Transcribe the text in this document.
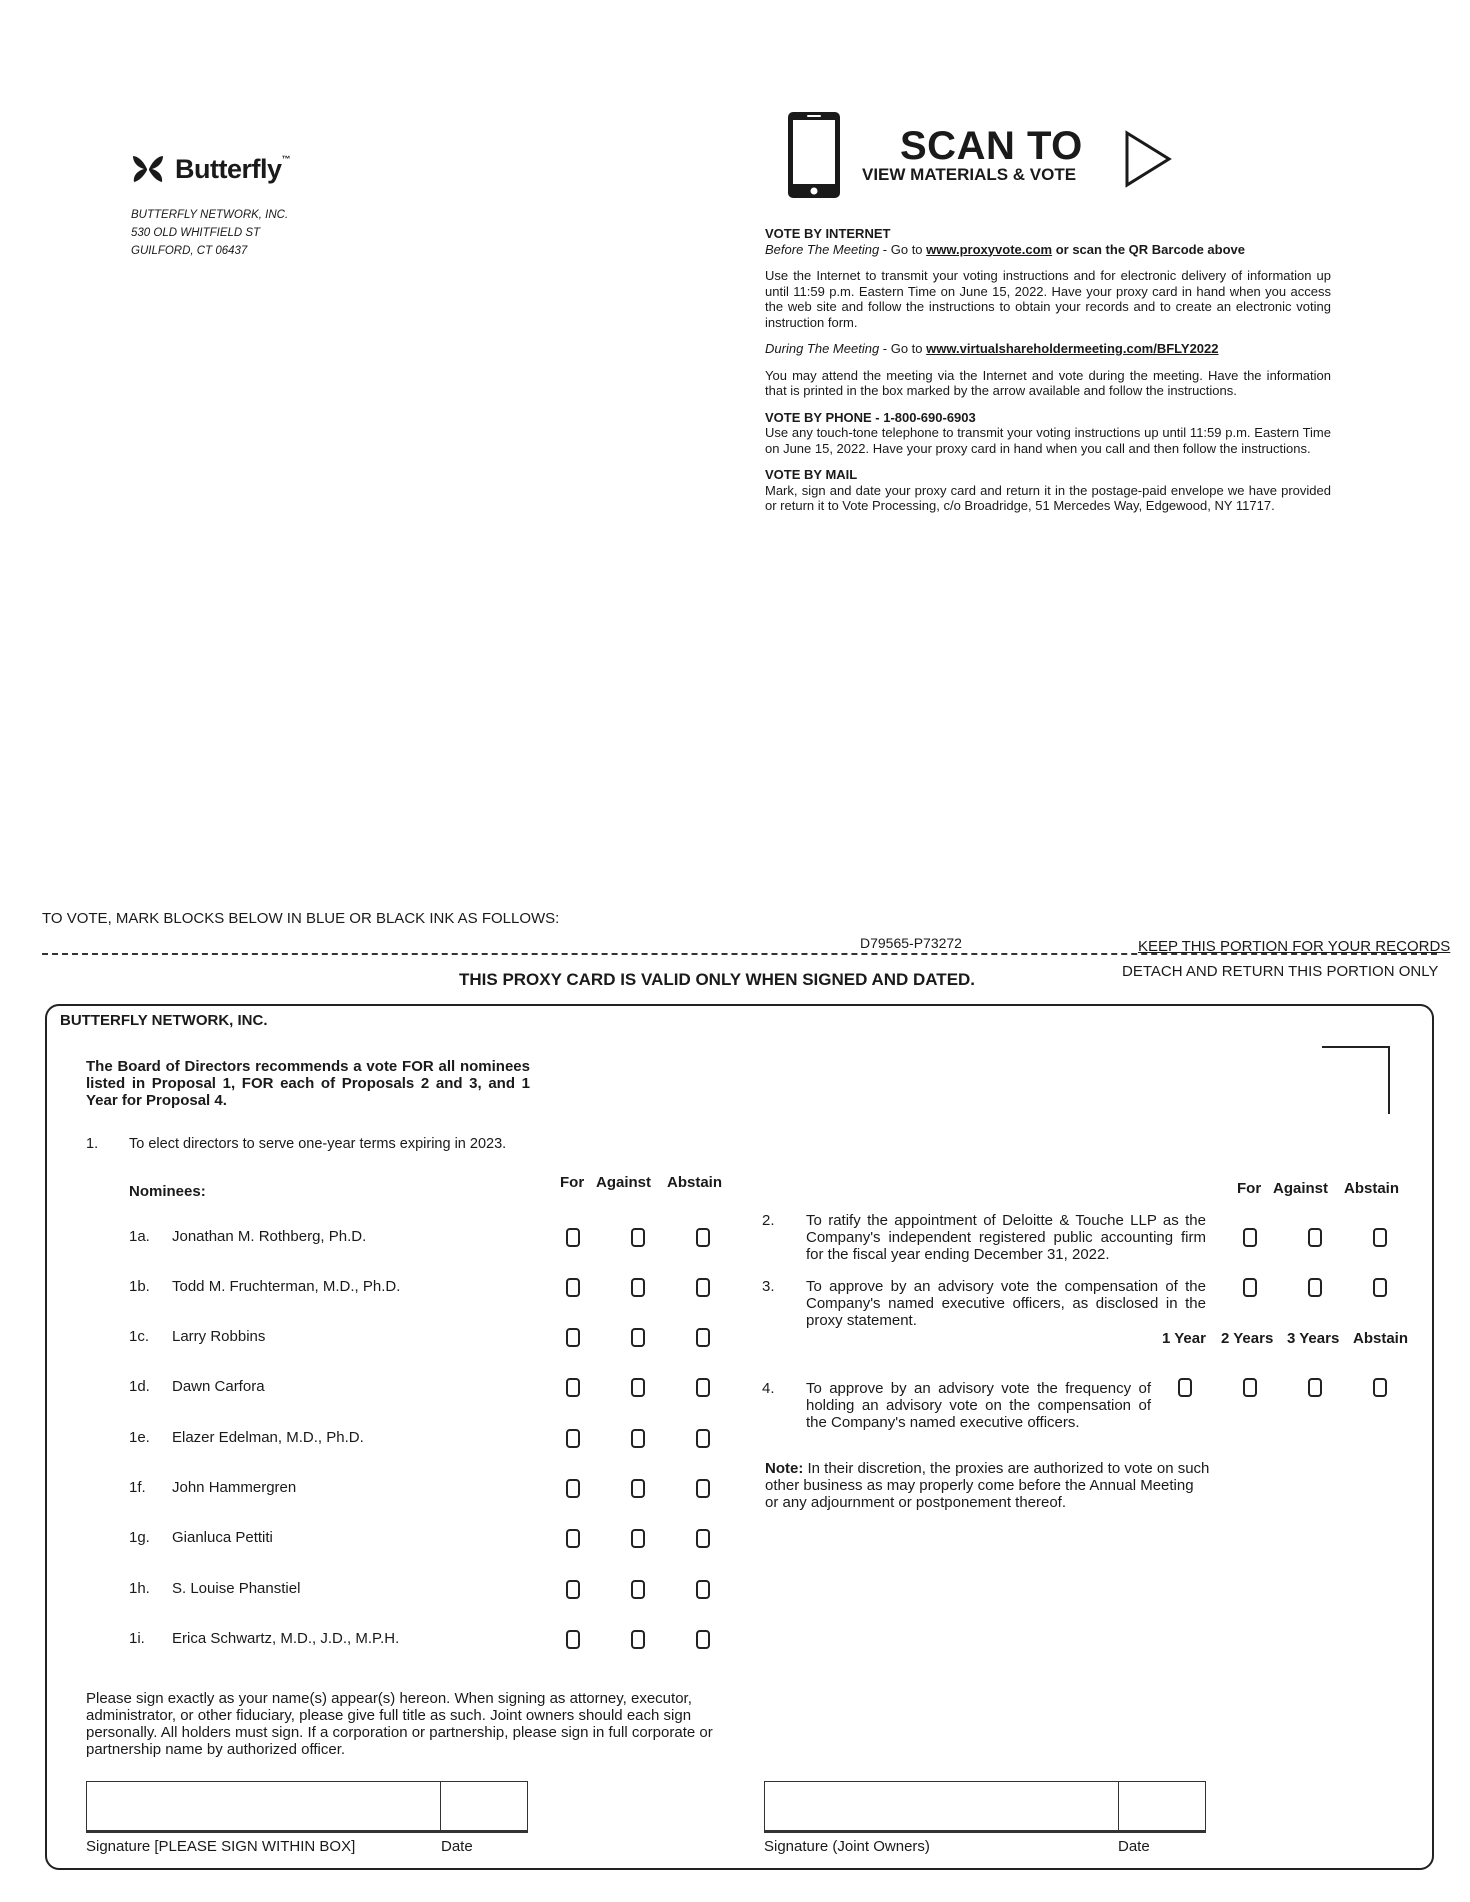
Butterfly™
BUTTERFLY NETWORK, INC.
530 OLD WHITFIELD ST
GUILFORD, CT 06437
SCAN TO
VIEW MATERIALS & VOTE
VOTE BY INTERNET

Before The Meeting - Go to www.proxyvote.com or scan the QR Barcode above

Use the Internet to transmit your voting instructions and for electronic delivery of information up until 11:59 p.m. Eastern Time on June 15, 2022. Have your proxy card in hand when you access the web site and follow the instructions to obtain your records and to create an electronic voting instruction form.

During The Meeting - Go to www.virtualshareholdermeeting.com/BFLY2022

You may attend the meeting via the Internet and vote during the meeting. Have the information that is printed in the box marked by the arrow available and follow the instructions.

VOTE BY PHONE - 1-800-690-6903

Use any touch-tone telephone to transmit your voting instructions up until 11:59 p.m. Eastern Time on June 15, 2022. Have your proxy card in hand when you call and then follow the instructions.

VOTE BY MAIL

Mark, sign and date your proxy card and return it in the postage-paid envelope we have provided or return it to Vote Processing, c/o Broadridge, 51 Mercedes Way, Edgewood, NY 11717.

TO VOTE, MARK BLOCKS BELOW IN BLUE OR BLACK INK AS FOLLOWS:
D79565-P73272	KEEP THIS PORTION FOR YOUR RECORDS
DETACH AND RETURN THIS PORTION ONLY
THIS PROXY CARD IS VALID ONLY WHEN SIGNED AND DATED.
BUTTERFLY NETWORK, INC.
The Board of Directors recommends a vote FOR all nominees listed in Proposal 1, FOR each of Proposals 2 and 3, and 1 Year for Proposal 4.
1. To elect directors to serve one-year terms expiring in 2023.
Nominees:
For Against Abstain
1a. Jonathan M. Rothberg, Ph.D.
1b. Todd M. Fruchterman, M.D., Ph.D.
1c. Larry Robbins
1d. Dawn Carfora
1e. Elazer Edelman, M.D., Ph.D.
1f. John Hammergren
1g. Gianluca Pettiti
1h. S. Louise Phanstiel
1i. Erica Schwartz, M.D., J.D., M.P.H.
For Against Abstain
2. To ratify the appointment of Deloitte & Touche LLP as the Company's independent registered public accounting firm for the fiscal year ending December 31, 2022.
3. To approve by an advisory vote the compensation of the Company's named executive officers, as disclosed in the proxy statement.
1 Year 2 Years 3 Years Abstain
4. To approve by an advisory vote the frequency of holding an advisory vote on the compensation of the Company's named executive officers.
Note: In their discretion, the proxies are authorized to vote on such other business as may properly come before the Annual Meeting or any adjournment or postponement thereof.
Please sign exactly as your name(s) appear(s) hereon. When signing as attorney, executor, administrator, or other fiduciary, please give full title as such. Joint owners should each sign personally. All holders must sign. If a corporation or partnership, please sign in full corporate or partnership name by authorized officer.
Signature [PLEASE SIGN WITHIN BOX]	Date	Signature (Joint Owners)	Date
